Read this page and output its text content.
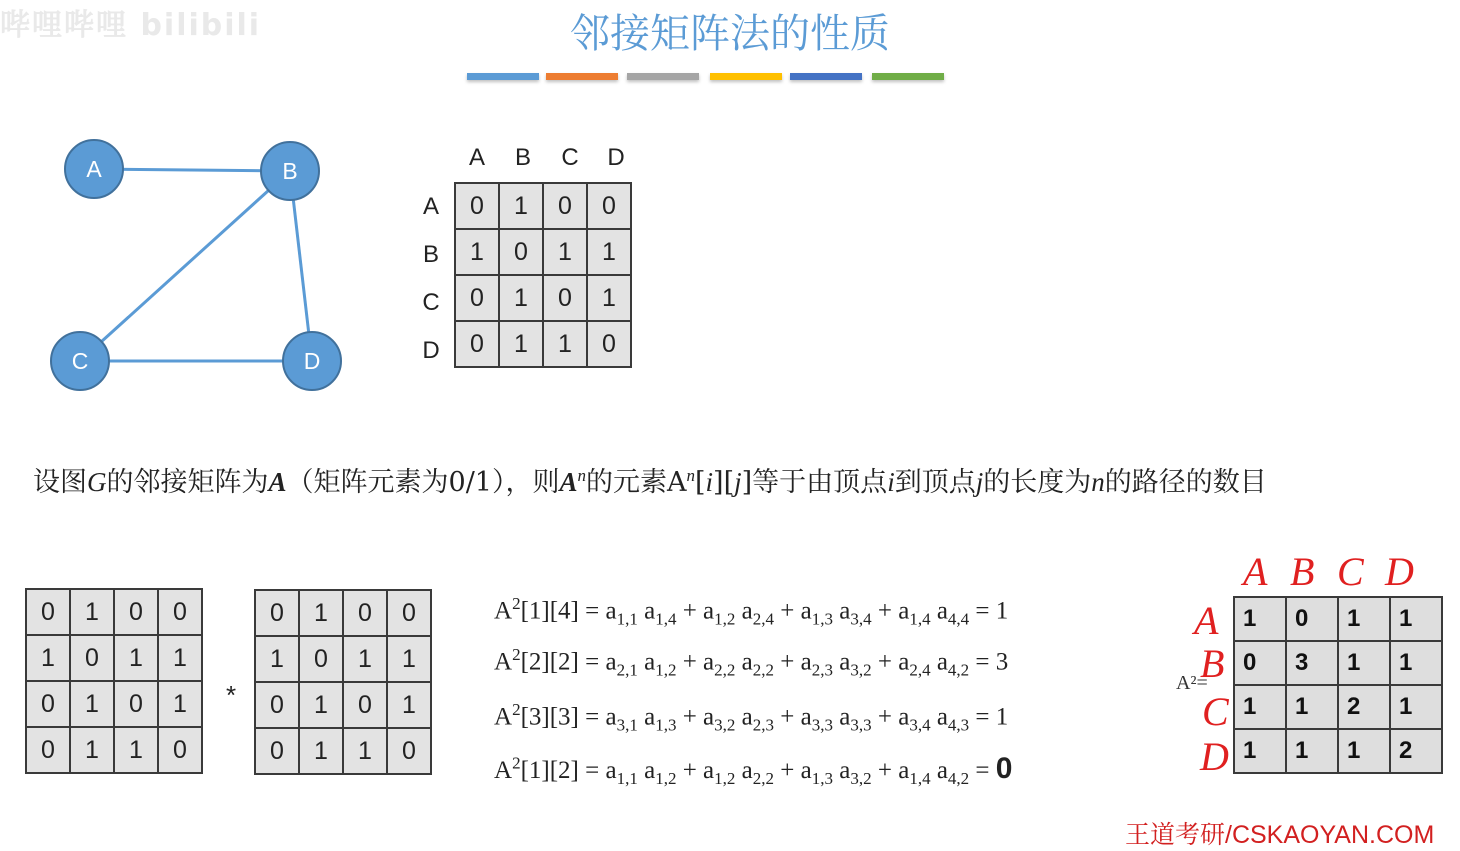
哔哩哔哩 bilibili	邻接矩阵法的性质
A	B
C	D
A	B	C	D
A
B
C
D
0	1	0	0
1	0	1	1
0	1	0	1
0	1	1	0
设图G的邻接矩阵为A（矩阵元素为0/1），则$A^n$的元素$A^n[i][j]$等于由顶点i到顶点j的长度为n的路径的数目
0	1	0	0
1	0	1	1
0	1	0	1
0	1	1	0
*
0	1	0	0
1	0	1	1
0	1	0	1
0	1	1	0
$A^2[1][4] = a_{1,1}$ $a_{1,4} + a_{1,2}$ $a_{2,4} + a_{1,3}$ $a_{3,4} + a_{1,4}$ $a_{4,4} = 1$
$A^2[2][2] = a_{2,1}$ $a_{1,2} + a_{2,2}$ $a_{2,2} + a_{2,3}$ $a_{3,2} + a_{2,4}$ $a_{4,2} = 3$
$A^2[3][3] = a_{3,1}$ $a_{1,3} + a_{3,2}$ $a_{2,3} + a_{3,3}$ $a_{3,3} + a_{3,4}$ $a_{4,3} = 1$
$A^2[1][2] = a_{1,1}$ $a_{1,2} + a_{1,2}$ $a_{2,2} + a_{1,3}$ $a_{3,2} + a_{1,4}$ $a_{4,2} = 0$
A B C D
A
B
C
D
A²=
1	0	1	1
0	3	1	1
1	1	2	1
1	1	1	2
王道考研/CSKAOYAN.COM
